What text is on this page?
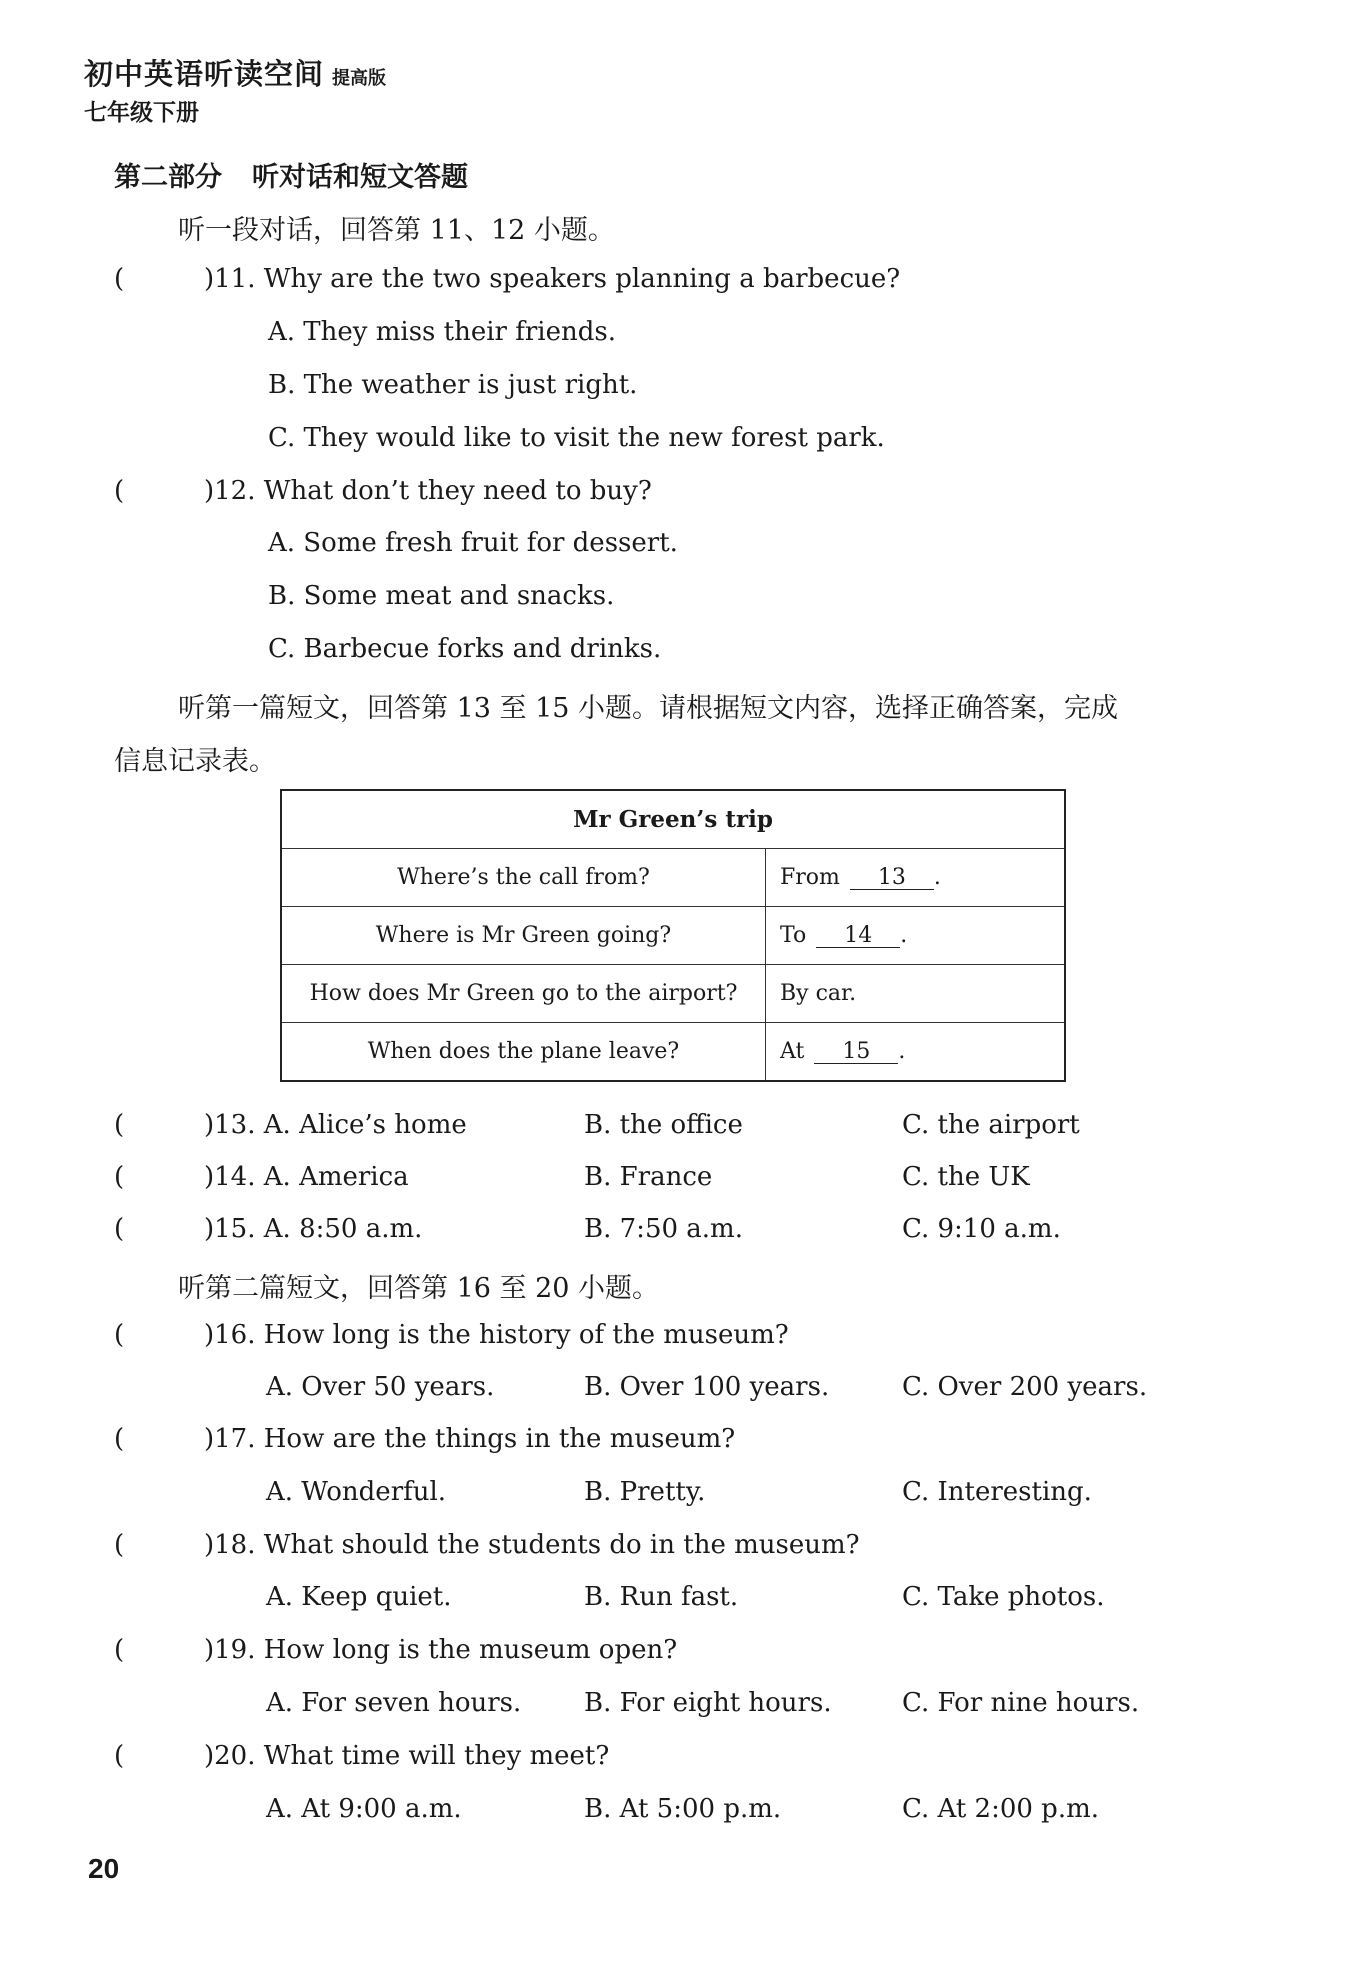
初中英语听读空间 提高版
七年级下册
第二部分 听对话和短文答题
听一段对话，回答第 11、12 小题。
(	)11. Why are the two speakers planning a barbecue?
A. They miss their friends.
B. The weather is just right.
C. They would like to visit the new forest park.
(	)12. What don’t they need to buy?
A. Some fresh fruit for dessert.
B. Some meat and snacks.
C. Barbecue forks and drinks.
听第一篇短文，回答第 13 至 15 小题。请根据短文内容，选择正确答案，完成
信息记录表。
Mr Green’s trip	
Where’s the call from?	From 13 .
Where is Mr Green going?	To 14 .
How does Mr Green go to the airport?	By car.
When does the plane leave?	At 15 .
(	)13. A. Alice’s home	B. the office	C. the airport
(	)14. A. America	B. France	C. the UK
(	)15. A. 8:50 a.m.	B. 7:50 a.m.	C. 9:10 a.m.
听第二篇短文，回答第 16 至 20 小题。
(	)16. How long is the history of the museum?
A. Over 50 years.	B. Over 100 years.	C. Over 200 years.
(	)17. How are the things in the museum?
A. Wonderful.	B. Pretty.	C. Interesting.
(	)18. What should the students do in the museum?
A. Keep quiet.	B. Run fast.	C. Take photos.
(	)19. How long is the museum open?
A. For seven hours. B. For eight hours.	C. For nine hours.
(	)20. What time will they meet?
A. At 9:00 a.m.	B. At 5:00 p.m.	C. At 2:00 p.m.
20
